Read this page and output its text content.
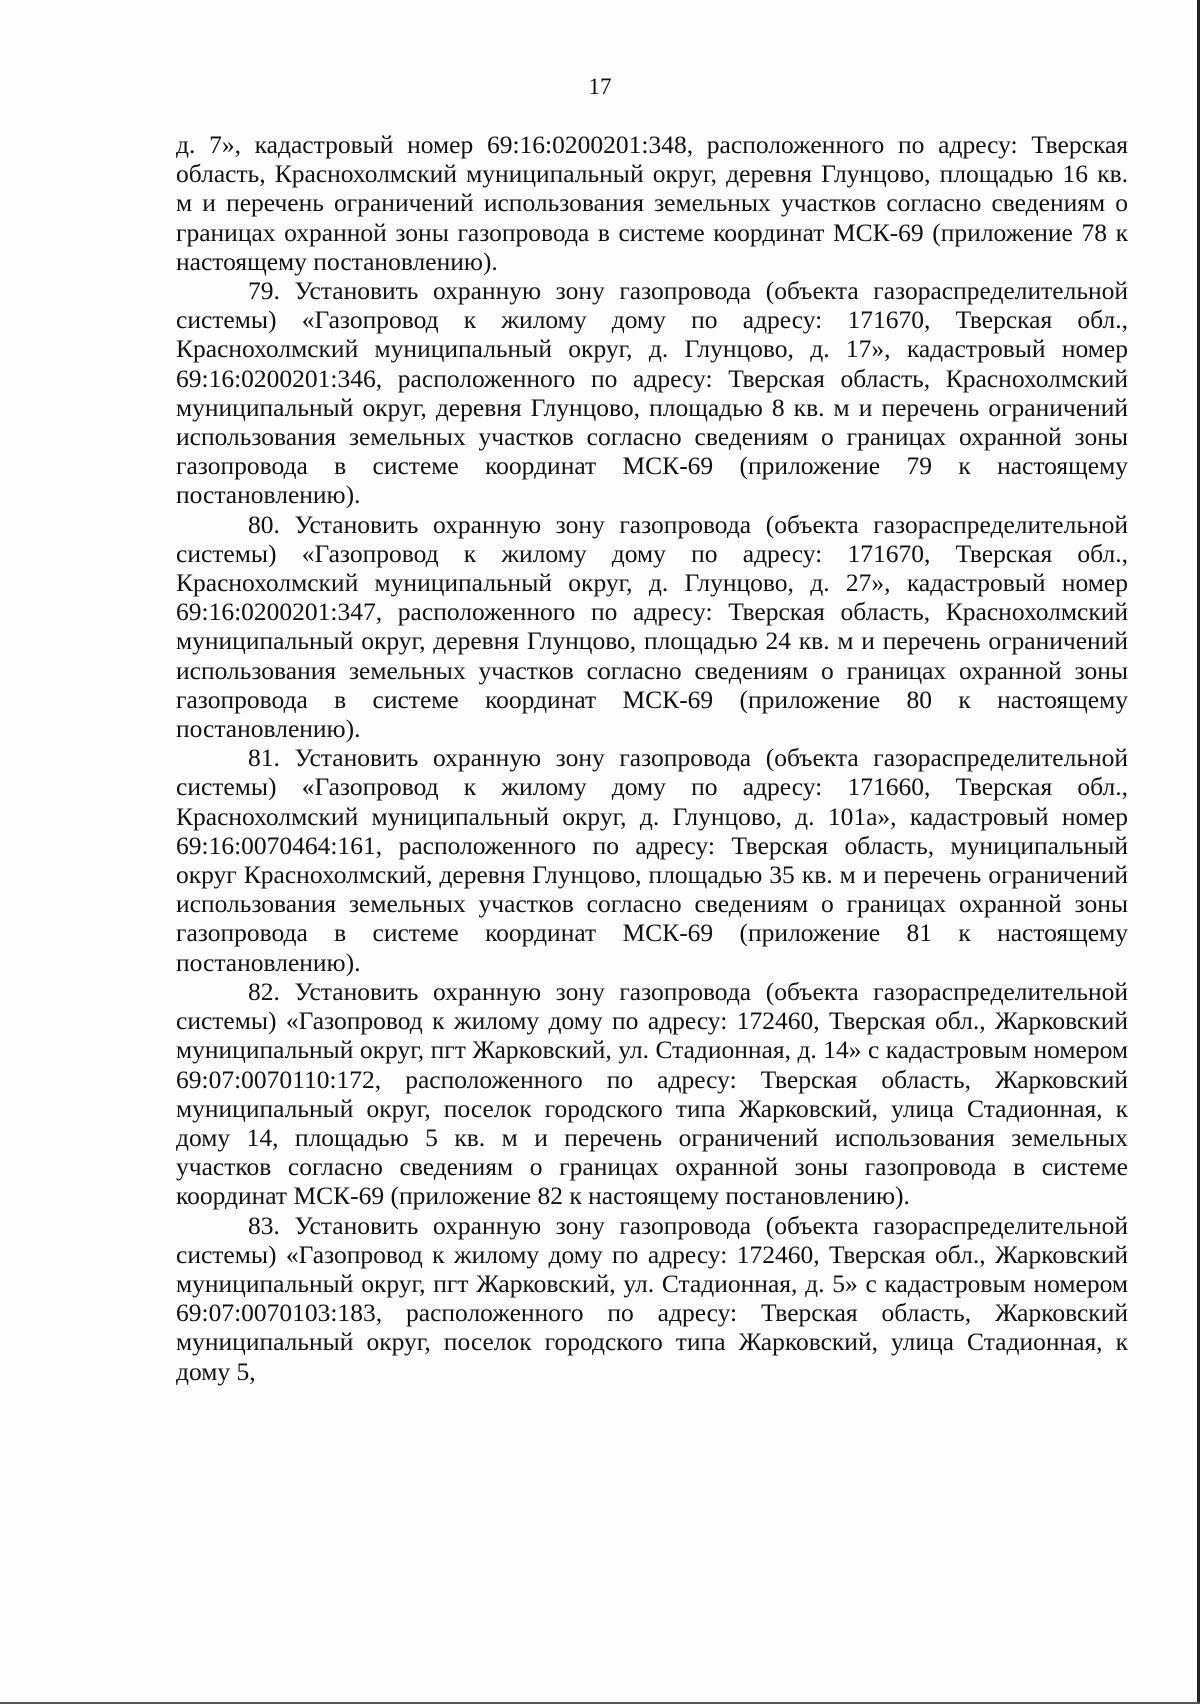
17

д. 7», кадастровый номер 69:16:0200201:348, расположенного по адресу: Тверская область, Краснохолмский муниципальный округ, деревня Глунцово, площадью 16 кв. м и перечень ограничений использования земельных участков согласно сведениям о границах охранной зоны газопровода в системе координат МСК-69 (приложение 78 к настоящему постановлению).

79. Установить охранную зону газопровода (объекта газораспределительной системы) «Газопровод к жилому дому по адресу: 171670, Тверская обл., Краснохолмский муниципальный округ, д. Глунцово, д. 17», кадастровый номер 69:16:0200201:346, расположенного по адресу: Тверская область, Краснохолмский муниципальный округ, деревня Глунцово, площадью 8 кв. м и перечень ограничений использования земельных участков согласно сведениям о границах охранной зоны газопровода в системе координат МСК-69 (приложение 79 к настоящему постановлению).

80. Установить охранную зону газопровода (объекта газораспределительной системы) «Газопровод к жилому дому по адресу: 171670, Тверская обл., Краснохолмский муниципальный округ, д. Глунцово, д. 27», кадастровый номер 69:16:0200201:347, расположенного по адресу: Тверская область, Краснохолмский муниципальный округ, деревня Глунцово, площадью 24 кв. м и перечень ограничений использования земельных участков согласно сведениям о границах охранной зоны газопровода в системе координат МСК-69 (приложение 80 к настоящему постановлению).

81. Установить охранную зону газопровода (объекта газораспределительной системы) «Газопровод к жилому дому по адресу: 171660, Тверская обл., Краснохолмский муниципальный округ, д. Глунцово, д. 101а», кадастровый номер 69:16:0070464:161, расположенного по адресу: Тверская область, муниципальный округ Краснохолмский, деревня Глунцово, площадью 35 кв. м и перечень ограничений использования земельных участков согласно сведениям о границах охранной зоны газопровода в системе координат МСК-69 (приложение 81 к настоящему постановлению).

82. Установить охранную зону газопровода (объекта газораспределительной системы) «Газопровод к жилому дому по адресу: 172460, Тверская обл., Жарковский муниципальный округ, пгт Жарковский, ул. Стадионная, д. 14» с кадастровым номером 69:07:0070110:172, расположенного по адресу: Тверская область, Жарковский муниципальный округ, поселок городского типа Жарковский, улица Стадионная, к дому 14, площадью 5 кв. м и перечень ограничений использования земельных участков согласно сведениям о границах охранной зоны газопровода в системе координат МСК-69 (приложение 82 к настоящему постановлению).

83. Установить охранную зону газопровода (объекта газораспределительной системы) «Газопровод к жилому дому по адресу: 172460, Тверская обл., Жарковский муниципальный округ, пгт Жарковский, ул. Стадионная, д. 5» с кадастровым номером 69:07:0070103:183, расположенного по адресу: Тверская область, Жарковский муниципальный округ, поселок городского типа Жарковский, улица Стадионная, к дому 5,
